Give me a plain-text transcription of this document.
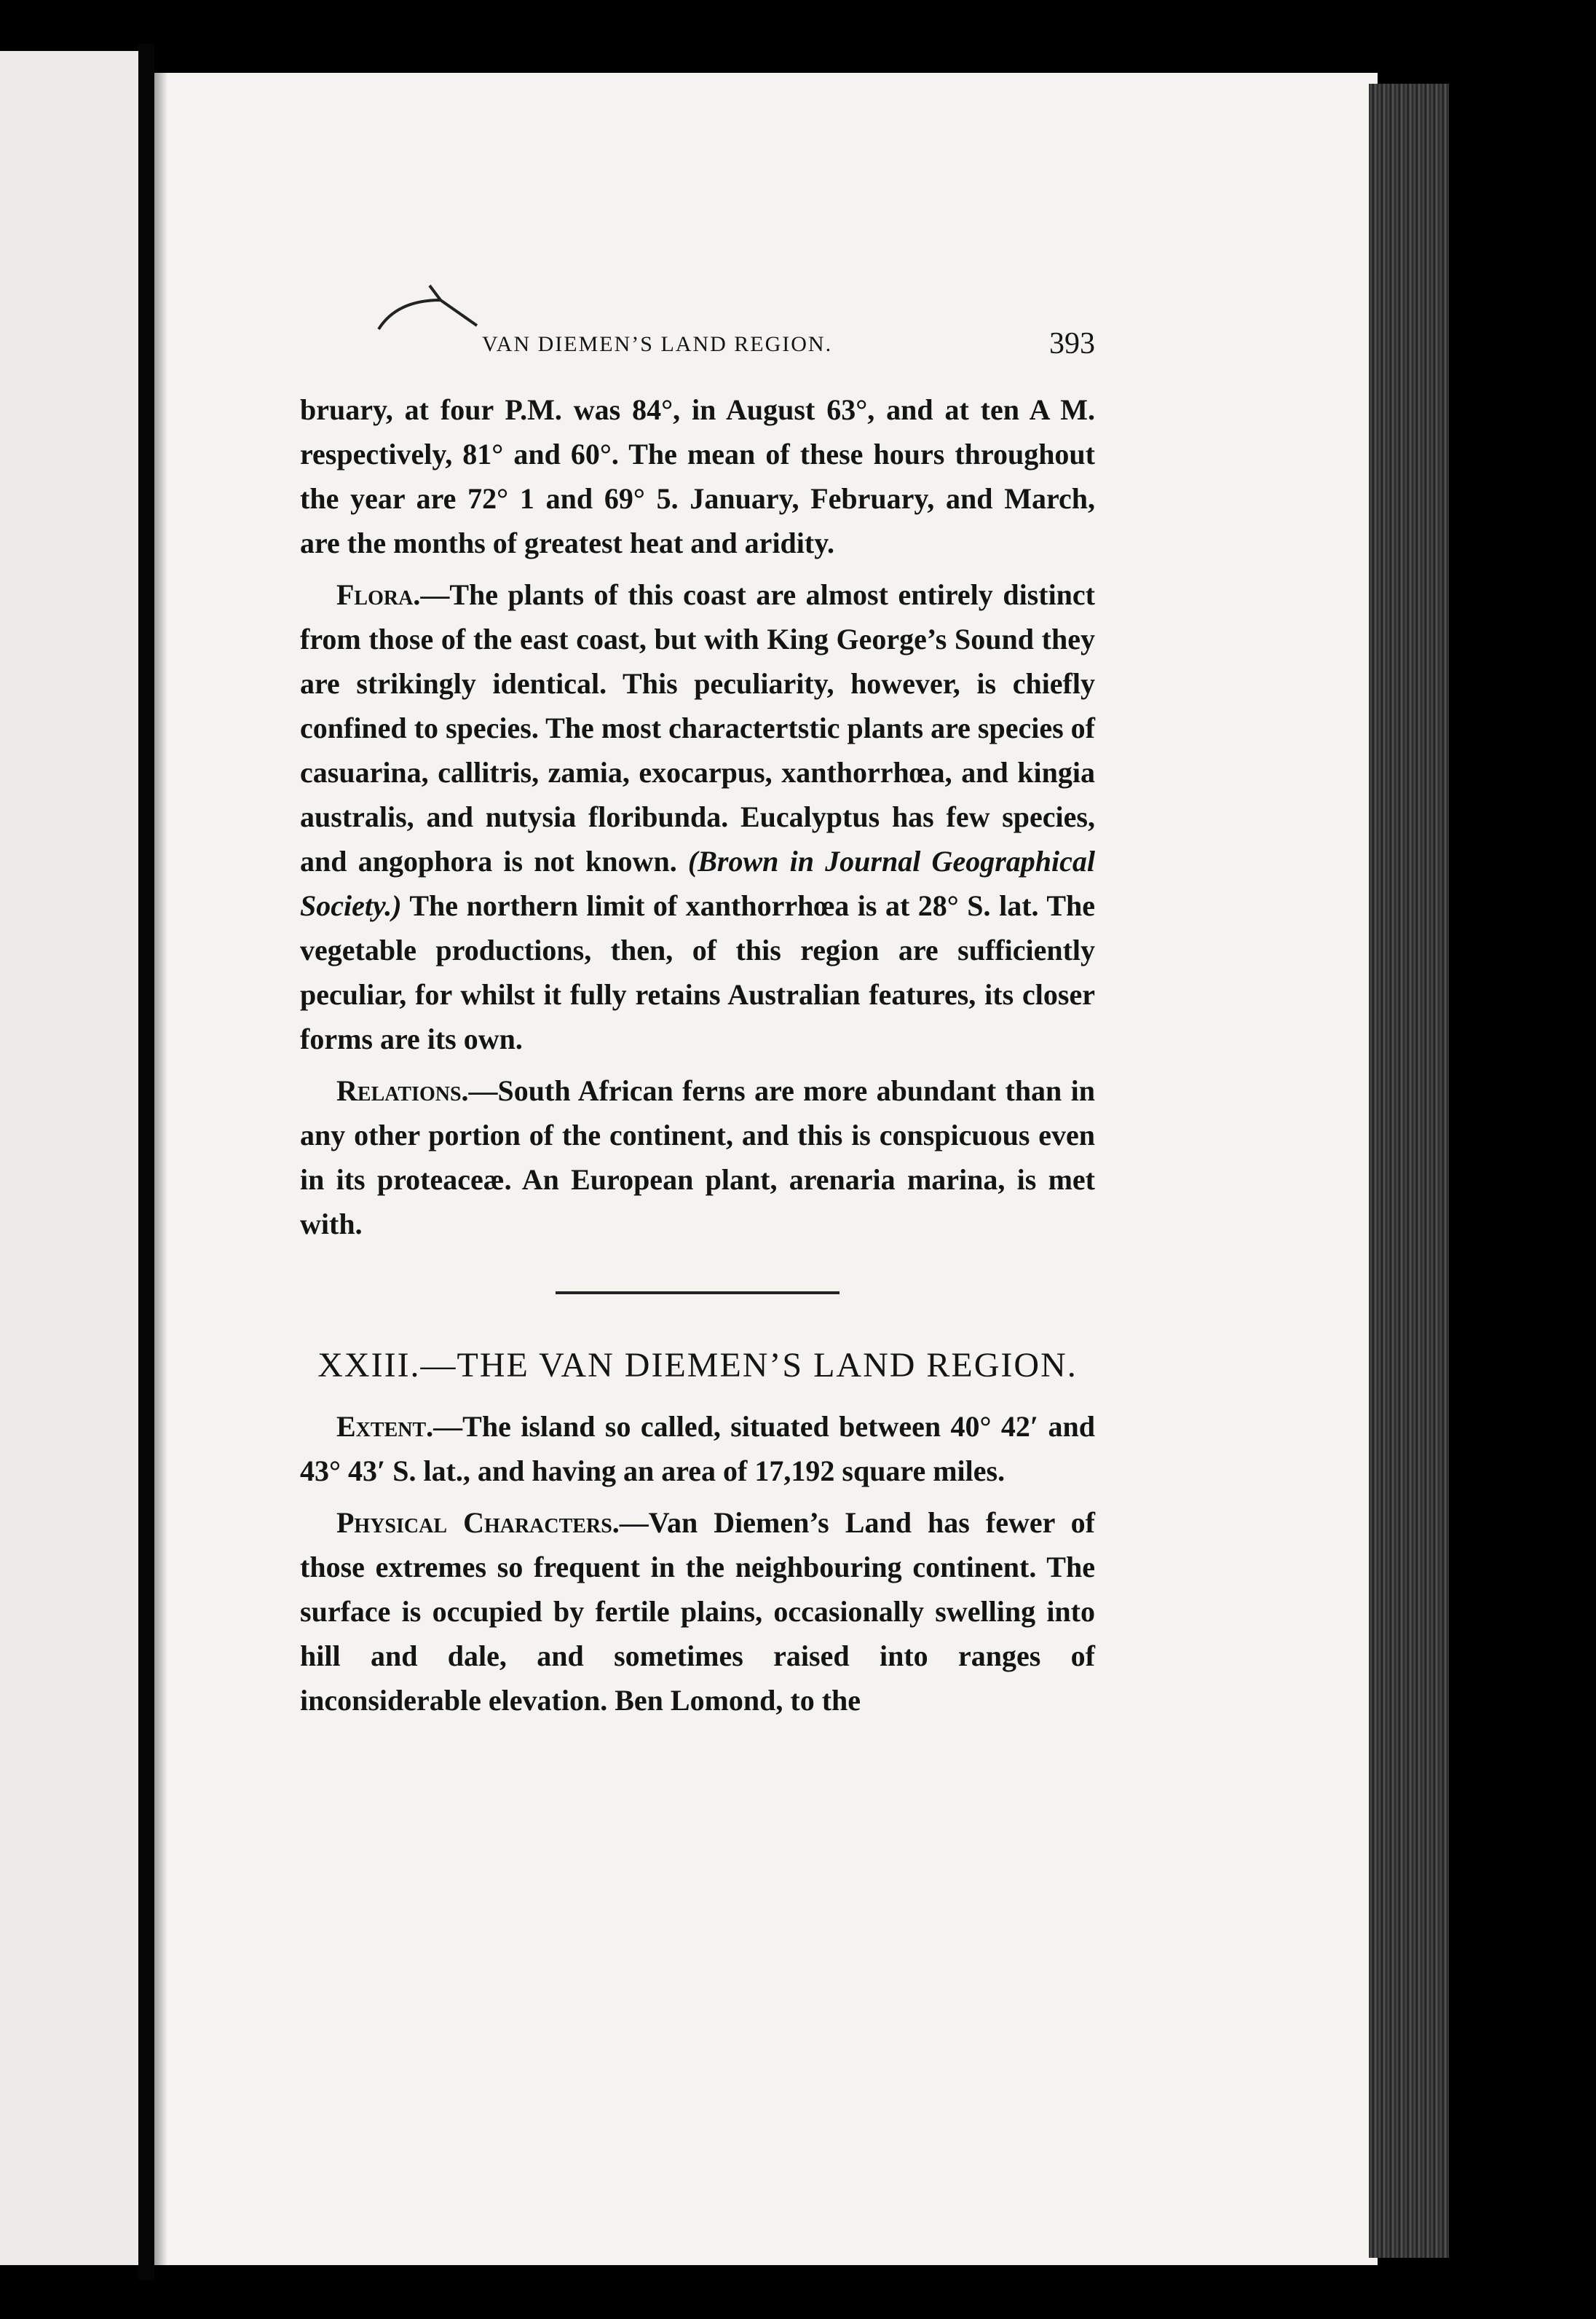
VAN DIEMEN’S LAND REGION.	393

bruary, at four P.M. was 84°, in August 63°, and at ten A M. respectively, 81° and 60°. The mean of these hours throughout the year are 72° 1 and 69° 5. January, February, and March, are the months of greatest heat and aridity.

Flora.—The plants of this coast are almost entirely distinct from those of the east coast, but with King George’s Sound they are strikingly identical. This peculiarity, however, is chiefly confined to species. The most charactertstic plants are species of casuarina, callitris, zamia, exocarpus, xanthorrhœa, and kingia australis, and nutysia floribunda. Eucalyptus has few species, and angophora is not known. (Brown in Journal Geographical Society.) The northern limit of xanthorrhœa is at 28° S. lat. The vegetable productions, then, of this region are sufficiently peculiar, for whilst it fully retains Australian features, its closer forms are its own.

Relations.—South African ferns are more abundant than in any other portion of the continent, and this is conspicuous even in its proteaceæ. An European plant, arenaria marina, is met with.

XXIII.—THE VAN DIEMEN’S LAND REGION.

Extent.—The island so called, situated between 40° 42′ and 43° 43′ S. lat., and having an area of 17,192 square miles.

Physical Characters.—Van Diemen’s Land has fewer of those extremes so frequent in the neighbouring continent. The surface is occupied by fertile plains, occasionally swelling into hill and dale, and sometimes raised into ranges of inconsiderable elevation. Ben Lomond, to the
